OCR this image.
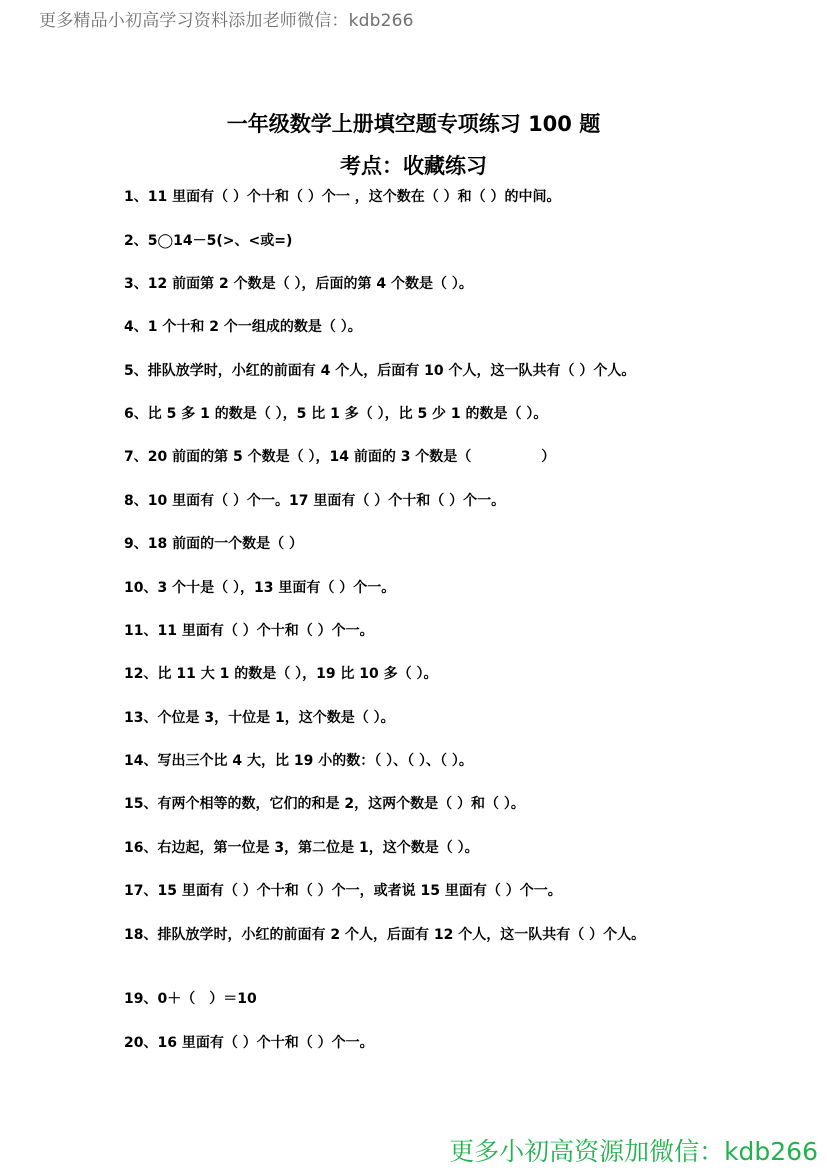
更多精品小初高学习资料添加老师微信：kdb266
一年级数学上册填空题专项练习 100 题
考点：收藏练习
1、11 里面有（ ）个十和（ ）个一 ，这个数在（ ）和（ ）的中间。
2、5◯14－5(>、<或=)
3、12 前面第 2 个数是（ ），后面的第 4 个数是（ ）。
4、1 个十和 2 个一组成的数是（ ）。
5、排队放学时，小红的前面有 4 个人，后面有 10 个人，这一队共有（ ）个人。
6、比 5 多 1 的数是（ ），5 比 1 多（ ），比 5 少 1 的数是（ ）。
7、20 前面的第 5 个数是（ ），14 前面的 3 个数是（　　　　　）
8、10 里面有（ ）个一。17 里面有（ ）个十和（ ）个一。
9、18 前面的一个数是（ ）
10、3 个十是（ ），13 里面有（ ）个一。
11、11 里面有（ ）个十和（ ）个一。
12、比 11 大 1 的数是（ ），19 比 10 多（ ）。
13、个位是 3，十位是 1，这个数是（ ）。
14、写出三个比 4 大，比 19 小的数：（ ）、（ ）、（ ）。
15、有两个相等的数，它们的和是 2，这两个数是（ ）和（ ）。
16、右边起，第一位是 3，第二位是 1，这个数是（ ）。
17、15 里面有（ ）个十和（ ）个一，或者说 15 里面有（ ）个一。
18、排队放学时，小红的前面有 2 个人，后面有 12 个人，这一队共有（ ）个人。
19、0＋（　）＝10
20、16 里面有（ ）个十和（ ）个一。
更多小初高资源加微信：kdb266
